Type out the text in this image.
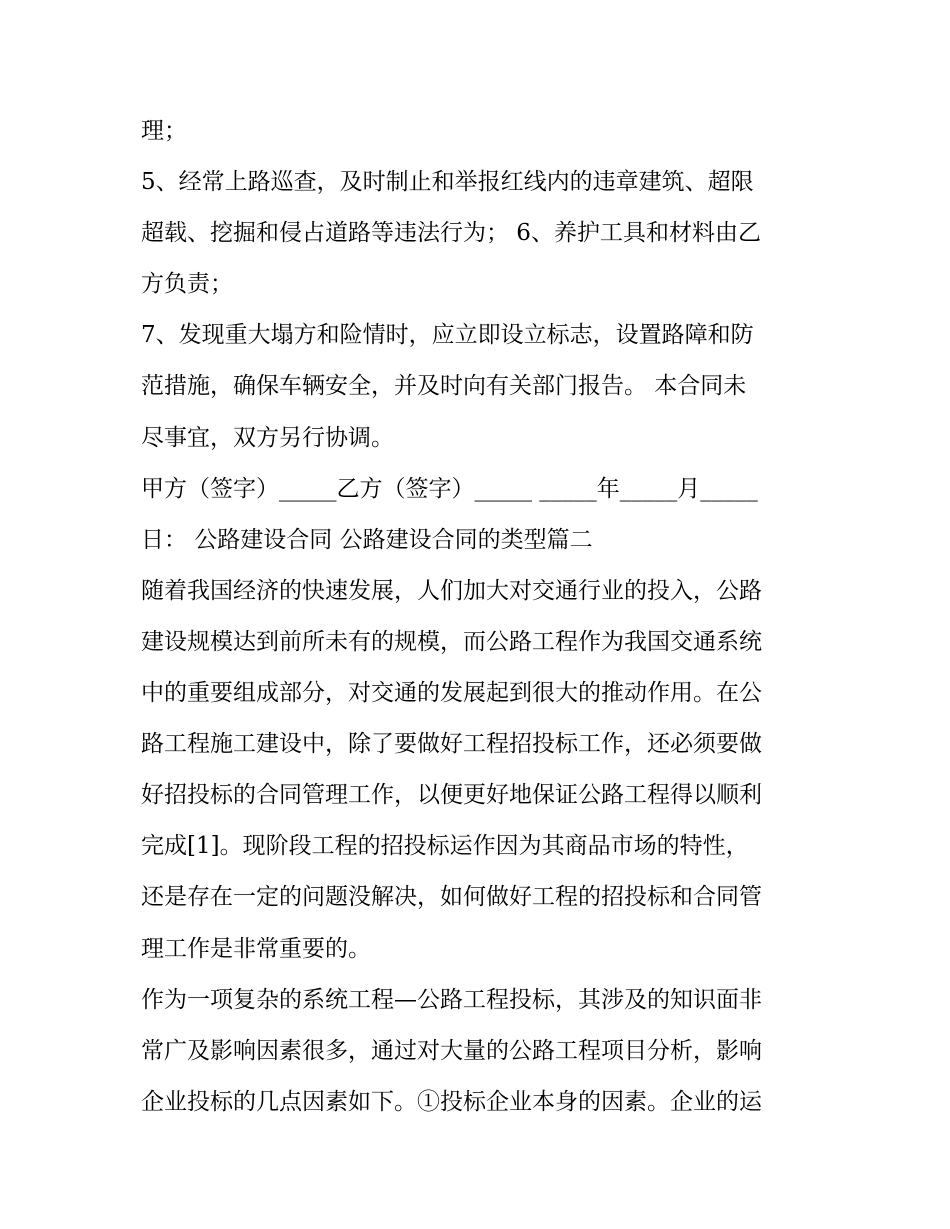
理；
5、经常上路巡查，及时制止和举报红线内的违章建筑、超限
超载、挖掘和侵占道路等违法行为； 6、养护工具和材料由乙
方负责；
7、发现重大塌方和险情时，应立即设立标志，设置路障和防
范措施，确保车辆安全，并及时向有关部门报告。 本合同未
尽事宜，双方另行协调。
甲方（签字）_____乙方（签字）_____ _____年_____月_____
日： 公路建设合同 公路建设合同的类型篇二
随着我国经济的快速发展，人们加大对交通行业的投入，公路
建设规模达到前所未有的规模，而公路工程作为我国交通系统
中的重要组成部分，对交通的发展起到很大的推动作用。在公
路工程施工建设中，除了要做好工程招投标工作，还必须要做
好招投标的合同管理工作，以便更好地保证公路工程得以顺利
完成[1]。现阶段工程的招投标运作因为其商品市场的特性，
还是存在一定的问题没解决，如何做好工程的招投标和合同管
理工作是非常重要的。
作为一项复杂的系统工程—公路工程投标，其涉及的知识面非
常广及影响因素很多，通过对大量的公路工程项目分析，影响
企业投标的几点因素如下。①投标企业本身的因素。企业的运
